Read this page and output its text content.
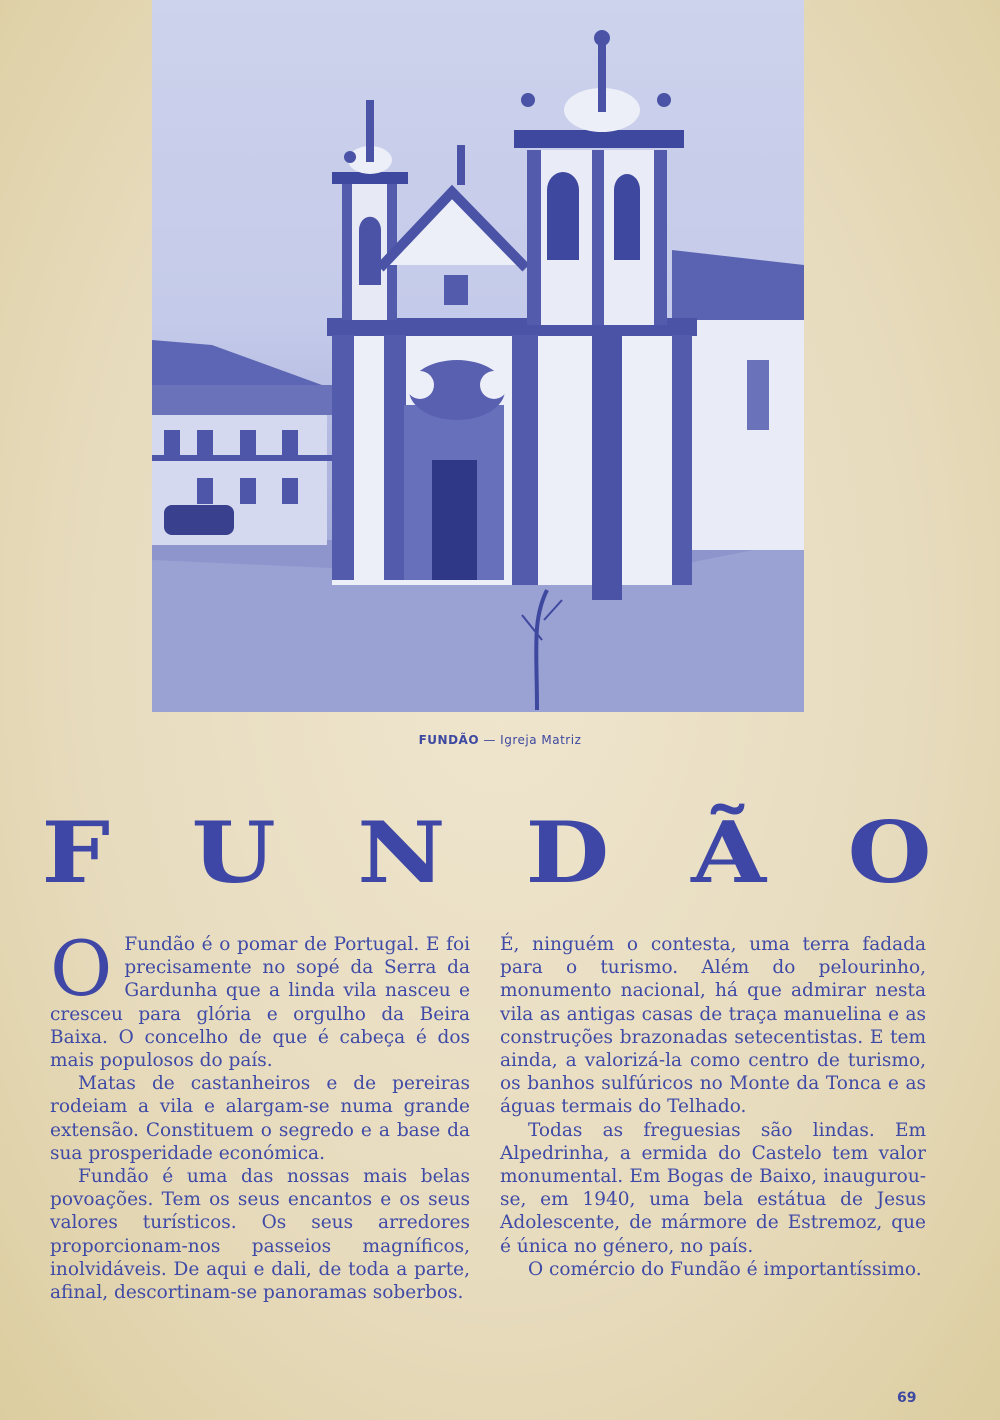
FUNDÃO — Igreja Matriz
F U N D Ã O

O Fundão é o pomar de Portugal. E foi precisamente no sopé da Serra da Gardunha que a linda vila nasceu e cresceu para glória e orgulho da Beira Baixa. O concelho de que é cabeça é dos mais populosos do país.

Matas de castanheiros e de pereiras rodeiam a vila e alargam-se numa grande extensão. Constituem o segredo e a base da sua prosperidade económica.

Fundão é uma das nossas mais belas povoações. Tem os seus encantos e os seus valores turísticos. Os seus arredores proporcionam-nos passeios magníficos, inolvidáveis. De aqui e dali, de toda a parte, afinal, descortinam-se panoramas soberbos.

É, ninguém o contesta, uma terra fadada para o turismo. Além do pelourinho, monumento nacional, há que admirar nesta vila as antigas casas de traça manuelina e as construções brazonadas setecentistas. E tem ainda, a valorizá-la como centro de turismo, os banhos sulfúricos no Monte da Tonca e as águas termais do Telhado.

Todas as freguesias são lindas. Em Alpedrinha, a ermida do Castelo tem valor monumental. Em Bogas de Baixo, inaugurou-se, em 1940, uma bela estátua de Jesus Adolescente, de mármore de Estremoz, que é única no género, no país.

O comércio do Fundão é importantíssimo.

69
